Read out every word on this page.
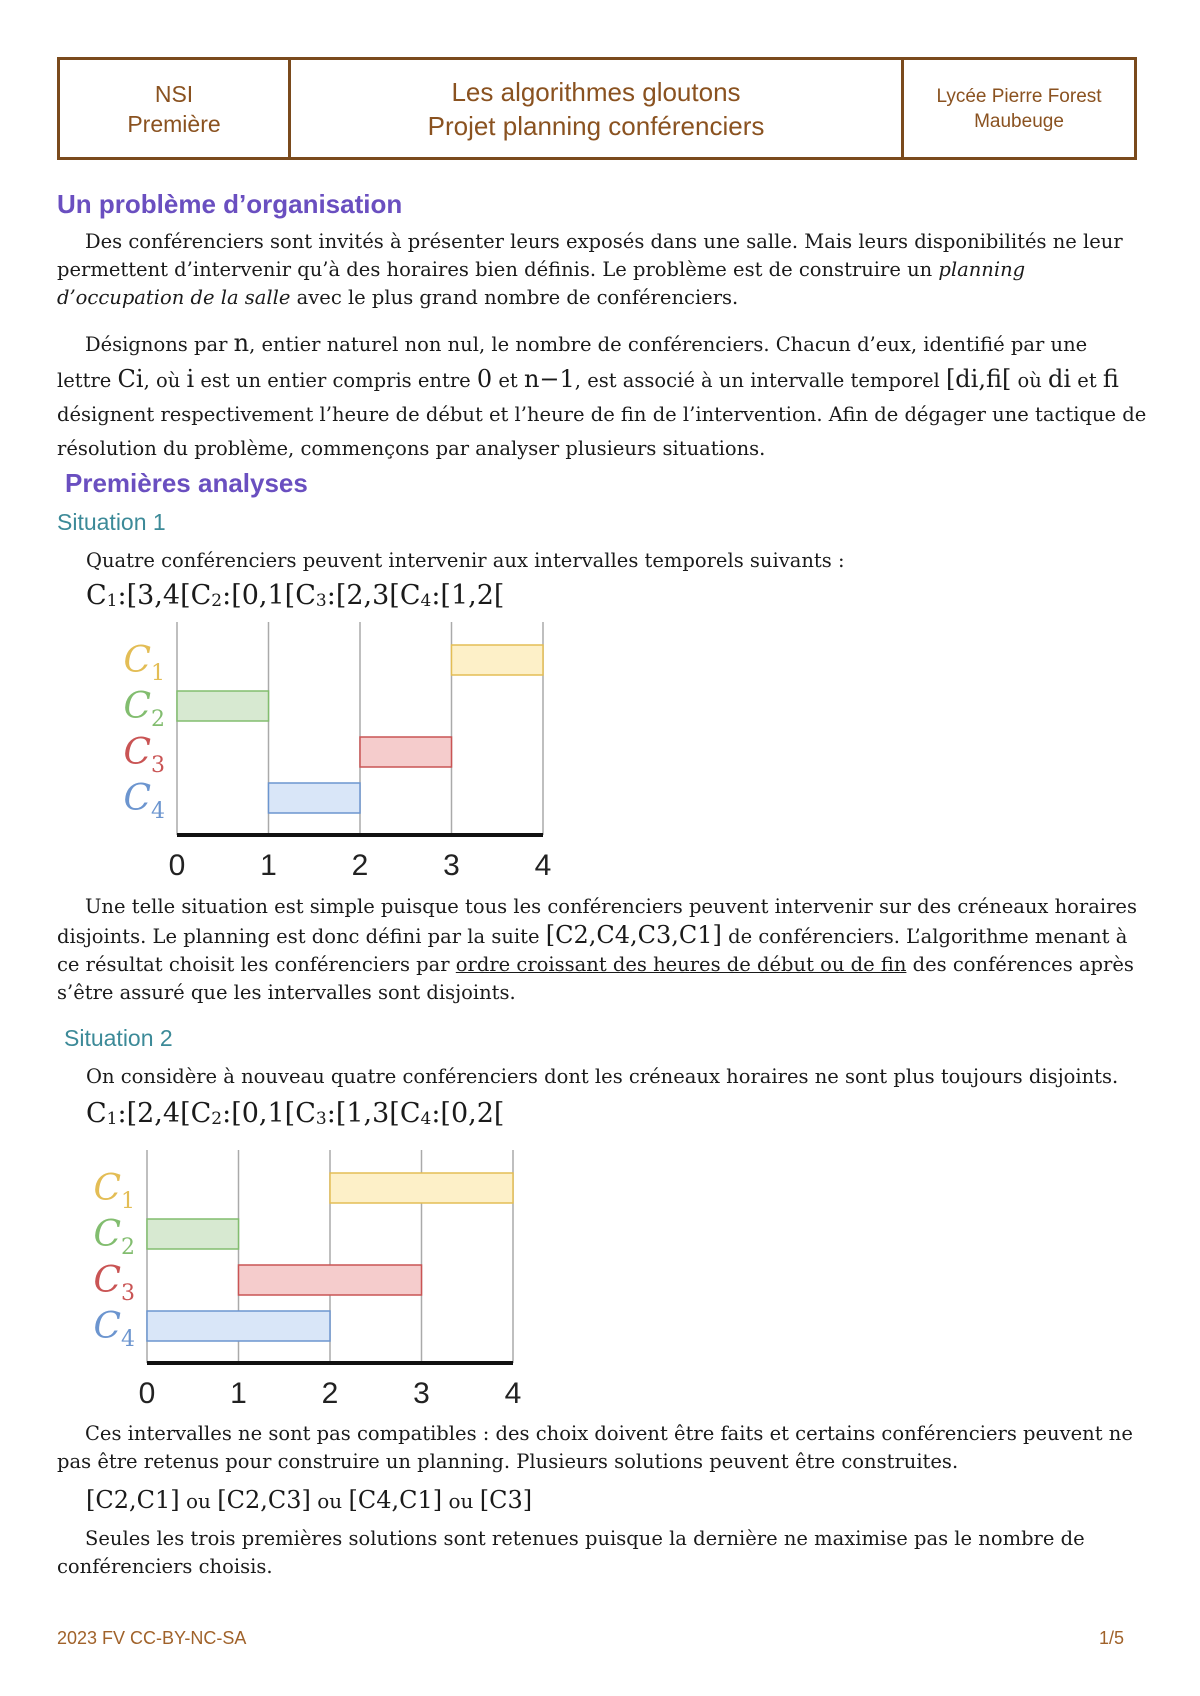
NSI
Première
Les algorithmes gloutons
Projet planning conférenciers
Lycée Pierre Forest
Maubeuge
Un problème d’organisation
Des conférenciers sont invités à présenter leurs exposés dans une salle. Mais leurs disponibilités ne leur permettent d’intervenir qu’à des horaires bien définis. Le problème est de construire un planning d’occupation de la salle avec le plus grand nombre de conférenciers.
Désignons par n, entier naturel non nul, le nombre de conférenciers. Chacun d’eux, identifié par une lettre Ci, où i est un entier compris entre 0 et n−1, est associé à un intervalle temporel [di,fi[ où di et fi désignent respectivement l’heure de début et l’heure de fin de l’intervention. Afin de dégager une tactique de résolution du problème, commençons par analyser plusieurs situations.
Premières analyses
Situation 1
Quatre conférenciers peuvent intervenir aux intervalles temporels suivants :
$C_1:[3,4[C_2:[0,1[C_3:[2,3[C_4:[1,2$[
0 1 2 3 4
$C_1$
$C_2$
$C_3$
$C_4$
Une telle situation est simple puisque tous les conférenciers peuvent intervenir sur des créneaux horaires disjoints. Le planning est donc défini par la suite [C2,C4,C3,C1] de conférenciers. L’algorithme menant à ce résultat choisit les conférenciers par ordre croissant des heures de début ou de fin des conférences après s’être assuré que les intervalles sont disjoints.
Situation 2
On considère à nouveau quatre conférenciers dont les créneaux horaires ne sont plus toujours disjoints.
$C_1:[2,4[C_2:[0,1[C_3:[1,3[C_4:[0,2$[
0 1 2 3 4
$C_1$
$C_2$
$C_3$
$C_4$
Ces intervalles ne sont pas compatibles : des choix doivent être faits et certains conférenciers peuvent ne pas être retenus pour construire un planning. Plusieurs solutions peuvent être construites.
[C2,C1] ou [C2,C3] ou [C4,C1] ou [C3]
Seules les trois premières solutions sont retenues puisque la dernière ne maximise pas le nombre de conférenciers choisis.
2023 FV CC-BY-NC-SA	1/5
